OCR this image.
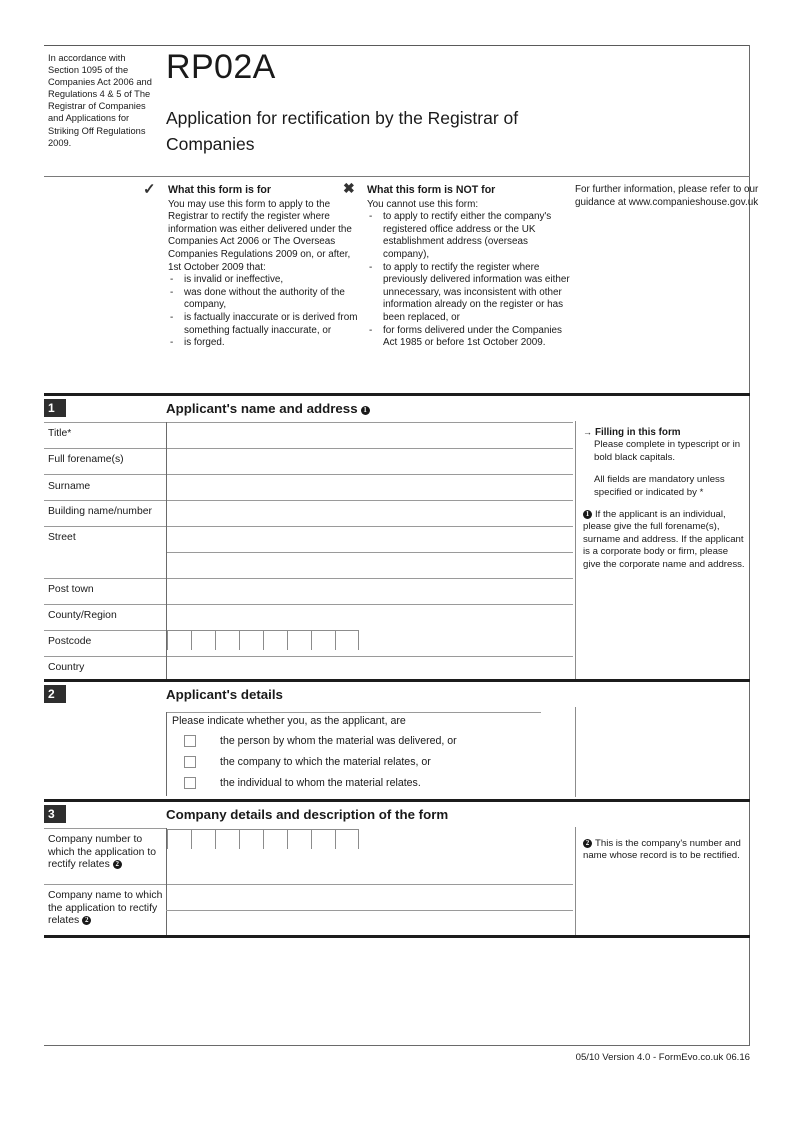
In accordance with Section 1095 of the Companies Act 2006 and Regulations 4 & 5 of The Registrar of Companies and Applications for Striking Off Regulations 2009.
RP02A
Application for rectification by the Registrar of Companies
✓ What this form is for

You may use this form to apply to the Registrar to rectify the register where information was either delivered under the Companies Act 2006 or The Overseas Companies Regulations 2009 on, or after, 1st October 2009 that:

- is invalid or ineffective,
- was done without the authority of the company,
- is factually inaccurate or is derived from something factually inaccurate, or
- is forged.
✖ What this form is NOT for

You cannot use this form:

- to apply to rectify either the company's registered office address or the UK establishment address (overseas company),
- to apply to rectify the register where previously delivered information was either unnecessary, was inconsistent with other information already on the register or has been replaced, or
- for forms delivered under the Companies Act 1985 or before 1st October 2009.

For further information, please refer to our guidance at www.companieshouse.gov.uk

1	Applicant's name and address 1
Title*
Full forename(s)
Surname
Building name/number
Street
Post town
County/Region
Postcode
Country
→ Filling in this form

Please complete in typescript or in bold black capitals.

All fields are mandatory unless specified or indicated by *

1 If the applicant is an individual, please give the full forename(s), surname and address. If the applicant is a corporate body or firm, please give the corporate name and address.

2	Applicant's details
Please indicate whether you, as the applicant, are
the person by whom the material was delivered, or
the company to which the material relates, or
the individual to whom the material relates.
3	Company details and description of the form
Company number to which the application to rectify relates 2
Company name to which the application to rectify relates 2

2 This is the company's number and name whose record is to be rectified.

05/10 Version 4.0 - FormEvo.co.uk 06.16
